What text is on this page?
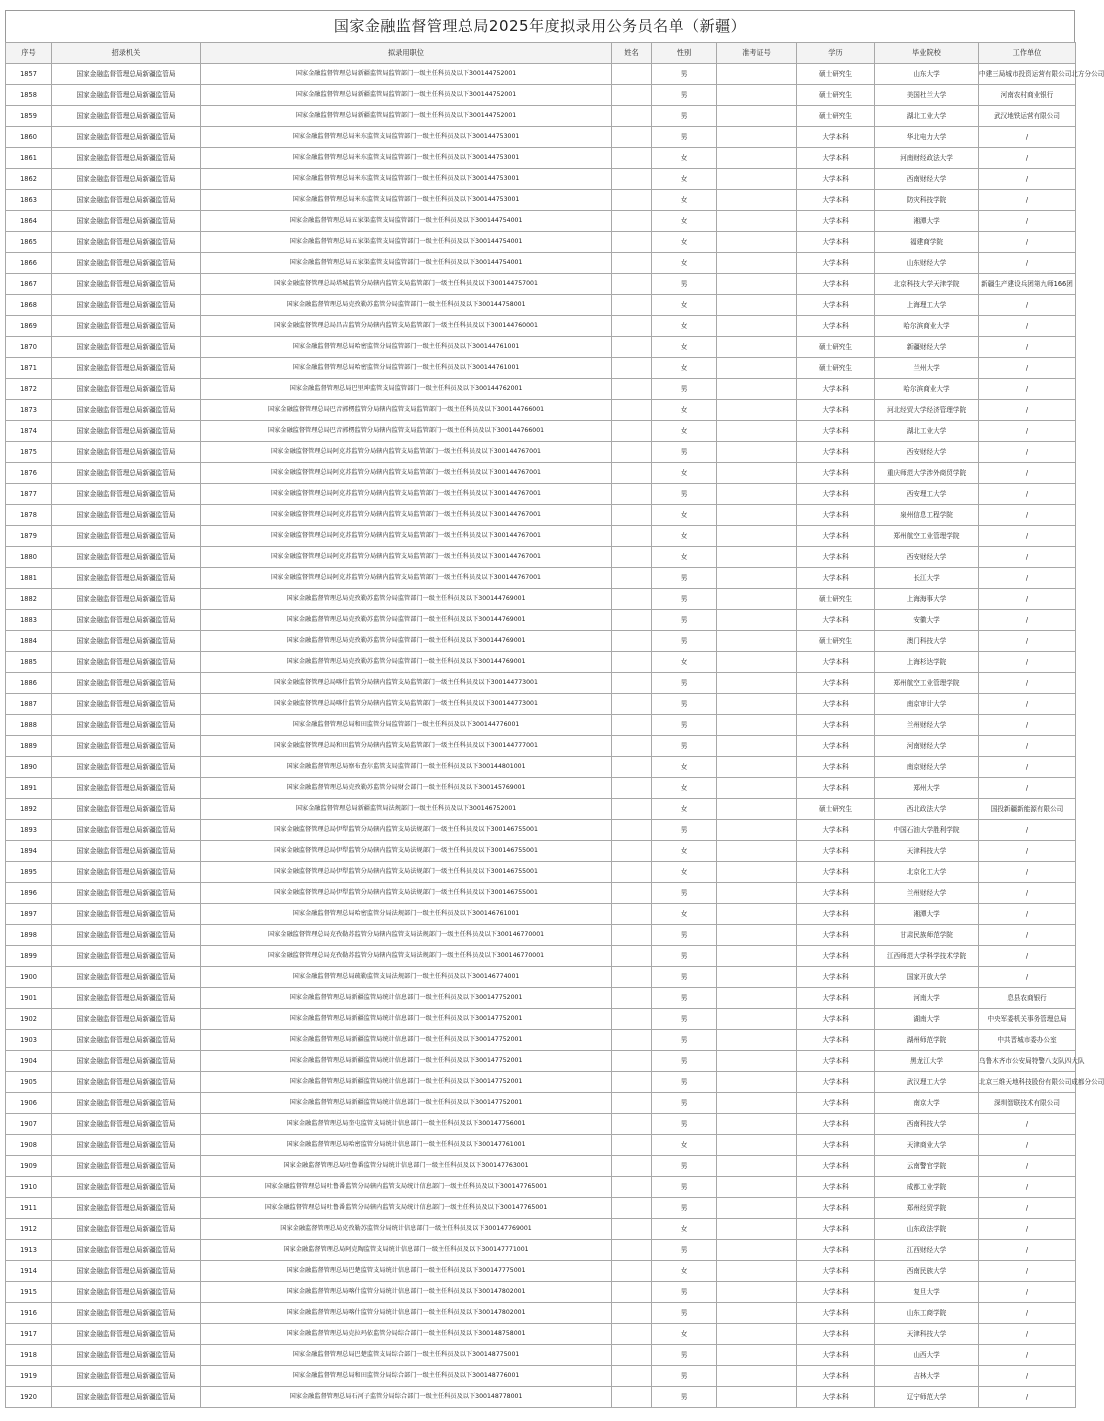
国家金融监督管理总局2025年度拟录用公务员名单（新疆）
序号	招录机关	拟录用职位	姓名	性别	准考证号	学历	毕业院校	工作单位
1857	国家金融监督管理总局新疆监管局	国家金融监督管理总局新疆监管局监管部门一级主任科员及以下300144752001		男		硕士研究生	山东大学	中建三局城市投资运营有限公司北方分公司
1858	国家金融监督管理总局新疆监管局	国家金融监督管理总局新疆监管局监管部门一级主任科员及以下300144752001		男		硕士研究生	美国杜兰大学	河南农村商业银行
1859	国家金融监督管理总局新疆监管局	国家金融监督管理总局新疆监管局监管部门一级主任科员及以下300144752001		男		硕士研究生	湖北工业大学	武汉地铁运营有限公司
1860	国家金融监督管理总局新疆监管局	国家金融监督管理总局米东监管支局监管部门一级主任科员及以下300144753001		男		大学本科	华北电力大学	/
1861	国家金融监督管理总局新疆监管局	国家金融监督管理总局米东监管支局监管部门一级主任科员及以下300144753001		女		大学本科	河南财经政法大学	/
1862	国家金融监督管理总局新疆监管局	国家金融监督管理总局米东监管支局监管部门一级主任科员及以下300144753001		女		大学本科	西南财经大学	/
1863	国家金融监督管理总局新疆监管局	国家金融监督管理总局米东监管支局监管部门一级主任科员及以下300144753001		女		大学本科	防灾科技学院	/
1864	国家金融监督管理总局新疆监管局	国家金融监督管理总局五家渠监管支局监管部门一级主任科员及以下300144754001		女		大学本科	湘潭大学	/
1865	国家金融监督管理总局新疆监管局	国家金融监督管理总局五家渠监管支局监管部门一级主任科员及以下300144754001		女		大学本科	福建商学院	/
1866	国家金融监督管理总局新疆监管局	国家金融监督管理总局五家渠监管支局监管部门一级主任科员及以下300144754001		女		大学本科	山东财经大学	/
1867	国家金融监督管理总局新疆监管局	国家金融监督管理总局塔城监管分局辖内监管支局监管部门一级主任科员及以下300144757001		男		大学本科	北京科技大学天津学院	新疆生产建设兵团第九师166团
1868	国家金融监督管理总局新疆监管局	国家金融监督管理总局克孜勒苏监管分局监管部门一级主任科员及以下300144758001		女		大学本科	上海理工大学	/
1869	国家金融监督管理总局新疆监管局	国家金融监督管理总局昌吉监管分局辖内监管支局监管部门一级主任科员及以下300144760001		女		大学本科	哈尔滨商业大学	/
1870	国家金融监督管理总局新疆监管局	国家金融监督管理总局哈密监管分局监管部门一级主任科员及以下300144761001		女		硕士研究生	新疆财经大学	/
1871	国家金融监督管理总局新疆监管局	国家金融监督管理总局哈密监管分局监管部门一级主任科员及以下300144761001		女		硕士研究生	兰州大学	/
1872	国家金融监督管理总局新疆监管局	国家金融监督管理总局巴里坤监管支局监管部门一级主任科员及以下300144762001		男		大学本科	哈尔滨商业大学	/
1873	国家金融监督管理总局新疆监管局	国家金融监督管理总局巴音郭楞监管分局辖内监管支局监管部门一级主任科员及以下300144766001		女		大学本科	河北经贸大学经济管理学院	/
1874	国家金融监督管理总局新疆监管局	国家金融监督管理总局巴音郭楞监管分局辖内监管支局监管部门一级主任科员及以下300144766001		女		大学本科	湖北工业大学	/
1875	国家金融监督管理总局新疆监管局	国家金融监督管理总局阿克苏监管分局辖内监管支局监管部门一级主任科员及以下300144767001		男		大学本科	西安财经大学	/
1876	国家金融监督管理总局新疆监管局	国家金融监督管理总局阿克苏监管分局辖内监管支局监管部门一级主任科员及以下300144767001		女		大学本科	重庆师范大学涉外商贸学院	/
1877	国家金融监督管理总局新疆监管局	国家金融监督管理总局阿克苏监管分局辖内监管支局监管部门一级主任科员及以下300144767001		男		大学本科	西安理工大学	/
1878	国家金融监督管理总局新疆监管局	国家金融监督管理总局阿克苏监管分局辖内监管支局监管部门一级主任科员及以下300144767001		女		大学本科	泉州信息工程学院	/
1879	国家金融监督管理总局新疆监管局	国家金融监督管理总局阿克苏监管分局辖内监管支局监管部门一级主任科员及以下300144767001		女		大学本科	郑州航空工业管理学院	/
1880	国家金融监督管理总局新疆监管局	国家金融监督管理总局阿克苏监管分局辖内监管支局监管部门一级主任科员及以下300144767001		女		大学本科	西安财经大学	/
1881	国家金融监督管理总局新疆监管局	国家金融监督管理总局阿克苏监管分局辖内监管支局监管部门一级主任科员及以下300144767001		男		大学本科	长江大学	/
1882	国家金融监督管理总局新疆监管局	国家金融监督管理总局克孜勒苏监管分局监管部门一级主任科员及以下300144769001		男		硕士研究生	上海海事大学	/
1883	国家金融监督管理总局新疆监管局	国家金融监督管理总局克孜勒苏监管分局监管部门一级主任科员及以下300144769001		男		大学本科	安徽大学	/
1884	国家金融监督管理总局新疆监管局	国家金融监督管理总局克孜勒苏监管分局监管部门一级主任科员及以下300144769001		男		硕士研究生	澳门科技大学	/
1885	国家金融监督管理总局新疆监管局	国家金融监督管理总局克孜勒苏监管分局监管部门一级主任科员及以下300144769001		女		大学本科	上海杉达学院	/
1886	国家金融监督管理总局新疆监管局	国家金融监督管理总局喀什监管分局辖内监管支局监管部门一级主任科员及以下300144773001		男		大学本科	郑州航空工业管理学院	/
1887	国家金融监督管理总局新疆监管局	国家金融监督管理总局喀什监管分局辖内监管支局监管部门一级主任科员及以下300144773001		男		大学本科	南京审计大学	/
1888	国家金融监督管理总局新疆监管局	国家金融监督管理总局和田监管分局监管部门一级主任科员及以下300144776001		男		大学本科	兰州财经大学	/
1889	国家金融监督管理总局新疆监管局	国家金融监督管理总局和田监管分局辖内监管支局监管部门一级主任科员及以下300144777001		男		大学本科	河南财经大学	/
1890	国家金融监督管理总局新疆监管局	国家金融监督管理总局察布查尔监管支局监管部门一级主任科员及以下300144801001		女		大学本科	南京财经大学	/
1891	国家金融监督管理总局新疆监管局	国家金融监督管理总局克孜勒苏监管分局财会部门一级主任科员及以下300145769001		女		大学本科	郑州大学	/
1892	国家金融监督管理总局新疆监管局	国家金融监督管理总局新疆监管局法规部门一级主任科员及以下300146752001		女		硕士研究生	西北政法大学	国投新疆新能源有限公司
1893	国家金融监督管理总局新疆监管局	国家金融监督管理总局伊犁监管分局辖内监管支局法规部门一级主任科员及以下300146755001		男		大学本科	中国石油大学胜利学院	/
1894	国家金融监督管理总局新疆监管局	国家金融监督管理总局伊犁监管分局辖内监管支局法规部门一级主任科员及以下300146755001		女		大学本科	天津科技大学	/
1895	国家金融监督管理总局新疆监管局	国家金融监督管理总局伊犁监管分局辖内监管支局法规部门一级主任科员及以下300146755001		女		大学本科	北京化工大学	/
1896	国家金融监督管理总局新疆监管局	国家金融监督管理总局伊犁监管分局辖内监管支局法规部门一级主任科员及以下300146755001		男		大学本科	兰州财经大学	/
1897	国家金融监督管理总局新疆监管局	国家金融监督管理总局哈密监管分局法规部门一级主任科员及以下300146761001		女		大学本科	湘潭大学	/
1898	国家金融监督管理总局新疆监管局	国家金融监督管理总局克孜勒苏监管分局辖内监管支局法规部门一级主任科员及以下300146770001		男		大学本科	甘肃民族师范学院	/
1899	国家金融监督管理总局新疆监管局	国家金融监督管理总局克孜勒苏监管分局辖内监管支局法规部门一级主任科员及以下300146770001		男		大学本科	江西师范大学科学技术学院	/
1900	国家金融监督管理总局新疆监管局	国家金融监督管理总局疏勒监管支局法规部门一级主任科员及以下300146774001		男		大学本科	国家开放大学	/
1901	国家金融监督管理总局新疆监管局	国家金融监督管理总局新疆监管局统计信息部门一级主任科员及以下300147752001		男		大学本科	河南大学	息县农商银行
1902	国家金融监督管理总局新疆监管局	国家金融监督管理总局新疆监管局统计信息部门一级主任科员及以下300147752001		男		大学本科	湖南大学	中央军委机关事务管理总局
1903	国家金融监督管理总局新疆监管局	国家金融监督管理总局新疆监管局统计信息部门一级主任科员及以下300147752001		男		大学本科	湖州师范学院	中共晋城市委办公室
1904	国家金融监督管理总局新疆监管局	国家金融监督管理总局新疆监管局统计信息部门一级主任科员及以下300147752001		男		大学本科	黑龙江大学	乌鲁木齐市公安局特警八支队四大队
1905	国家金融监督管理总局新疆监管局	国家金融监督管理总局新疆监管局统计信息部门一级主任科员及以下300147752001		男		大学本科	武汉理工大学	北京三维天地科技股份有限公司成都分公司
1906	国家金融监督管理总局新疆监管局	国家金融监督管理总局新疆监管局统计信息部门一级主任科员及以下300147752001		男		大学本科	南京大学	深圳智联技术有限公司
1907	国家金融监督管理总局新疆监管局	国家金融监督管理总局奎屯监管支局统计信息部门一级主任科员及以下300147756001		男		大学本科	西南科技大学	/
1908	国家金融监督管理总局新疆监管局	国家金融监督管理总局哈密监管分局统计信息部门一级主任科员及以下300147761001		女		大学本科	天津商业大学	/
1909	国家金融监督管理总局新疆监管局	国家金融监督管理总局吐鲁番监管分局统计信息部门一级主任科员及以下300147763001		男		大学本科	云南警官学院	/
1910	国家金融监督管理总局新疆监管局	国家金融监督管理总局吐鲁番监管分局辖内监管支局统计信息部门一级主任科员及以下300147765001		男		大学本科	成都工业学院	/
1911	国家金融监督管理总局新疆监管局	国家金融监督管理总局吐鲁番监管分局辖内监管支局统计信息部门一级主任科员及以下300147765001		男		大学本科	郑州经贸学院	/
1912	国家金融监督管理总局新疆监管局	国家金融监督管理总局克孜勒苏监管分局统计信息部门一级主任科员及以下300147769001		女		大学本科	山东政法学院	/
1913	国家金融监督管理总局新疆监管局	国家金融监督管理总局阿克陶监管支局统计信息部门一级主任科员及以下300147771001		男		大学本科	江西财经大学	/
1914	国家金融监督管理总局新疆监管局	国家金融监督管理总局巴楚监管支局统计信息部门一级主任科员及以下300147775001		女		大学本科	西南民族大学	/
1915	国家金融监督管理总局新疆监管局	国家金融监督管理总局喀什监管分局统计信息部门一级主任科员及以下300147802001		男		大学本科	复旦大学	/
1916	国家金融监督管理总局新疆监管局	国家金融监督管理总局喀什监管分局统计信息部门一级主任科员及以下300147802001		男		大学本科	山东工商学院	/
1917	国家金融监督管理总局新疆监管局	国家金融监督管理总局克拉玛依监管分局综合部门一级主任科员及以下300148758001		女		大学本科	天津科技大学	/
1918	国家金融监督管理总局新疆监管局	国家金融监督管理总局巴楚监管支局综合部门一级主任科员及以下300148775001		男		大学本科	山西大学	/
1919	国家金融监督管理总局新疆监管局	国家金融监督管理总局和田监管分局综合部门一级主任科员及以下300148776001		男		大学本科	吉林大学	/
1920	国家金融监督管理总局新疆监管局	国家金融监督管理总局石河子监管分局综合部门一级主任科员及以下300148778001		男		大学本科	辽宁师范大学	/
